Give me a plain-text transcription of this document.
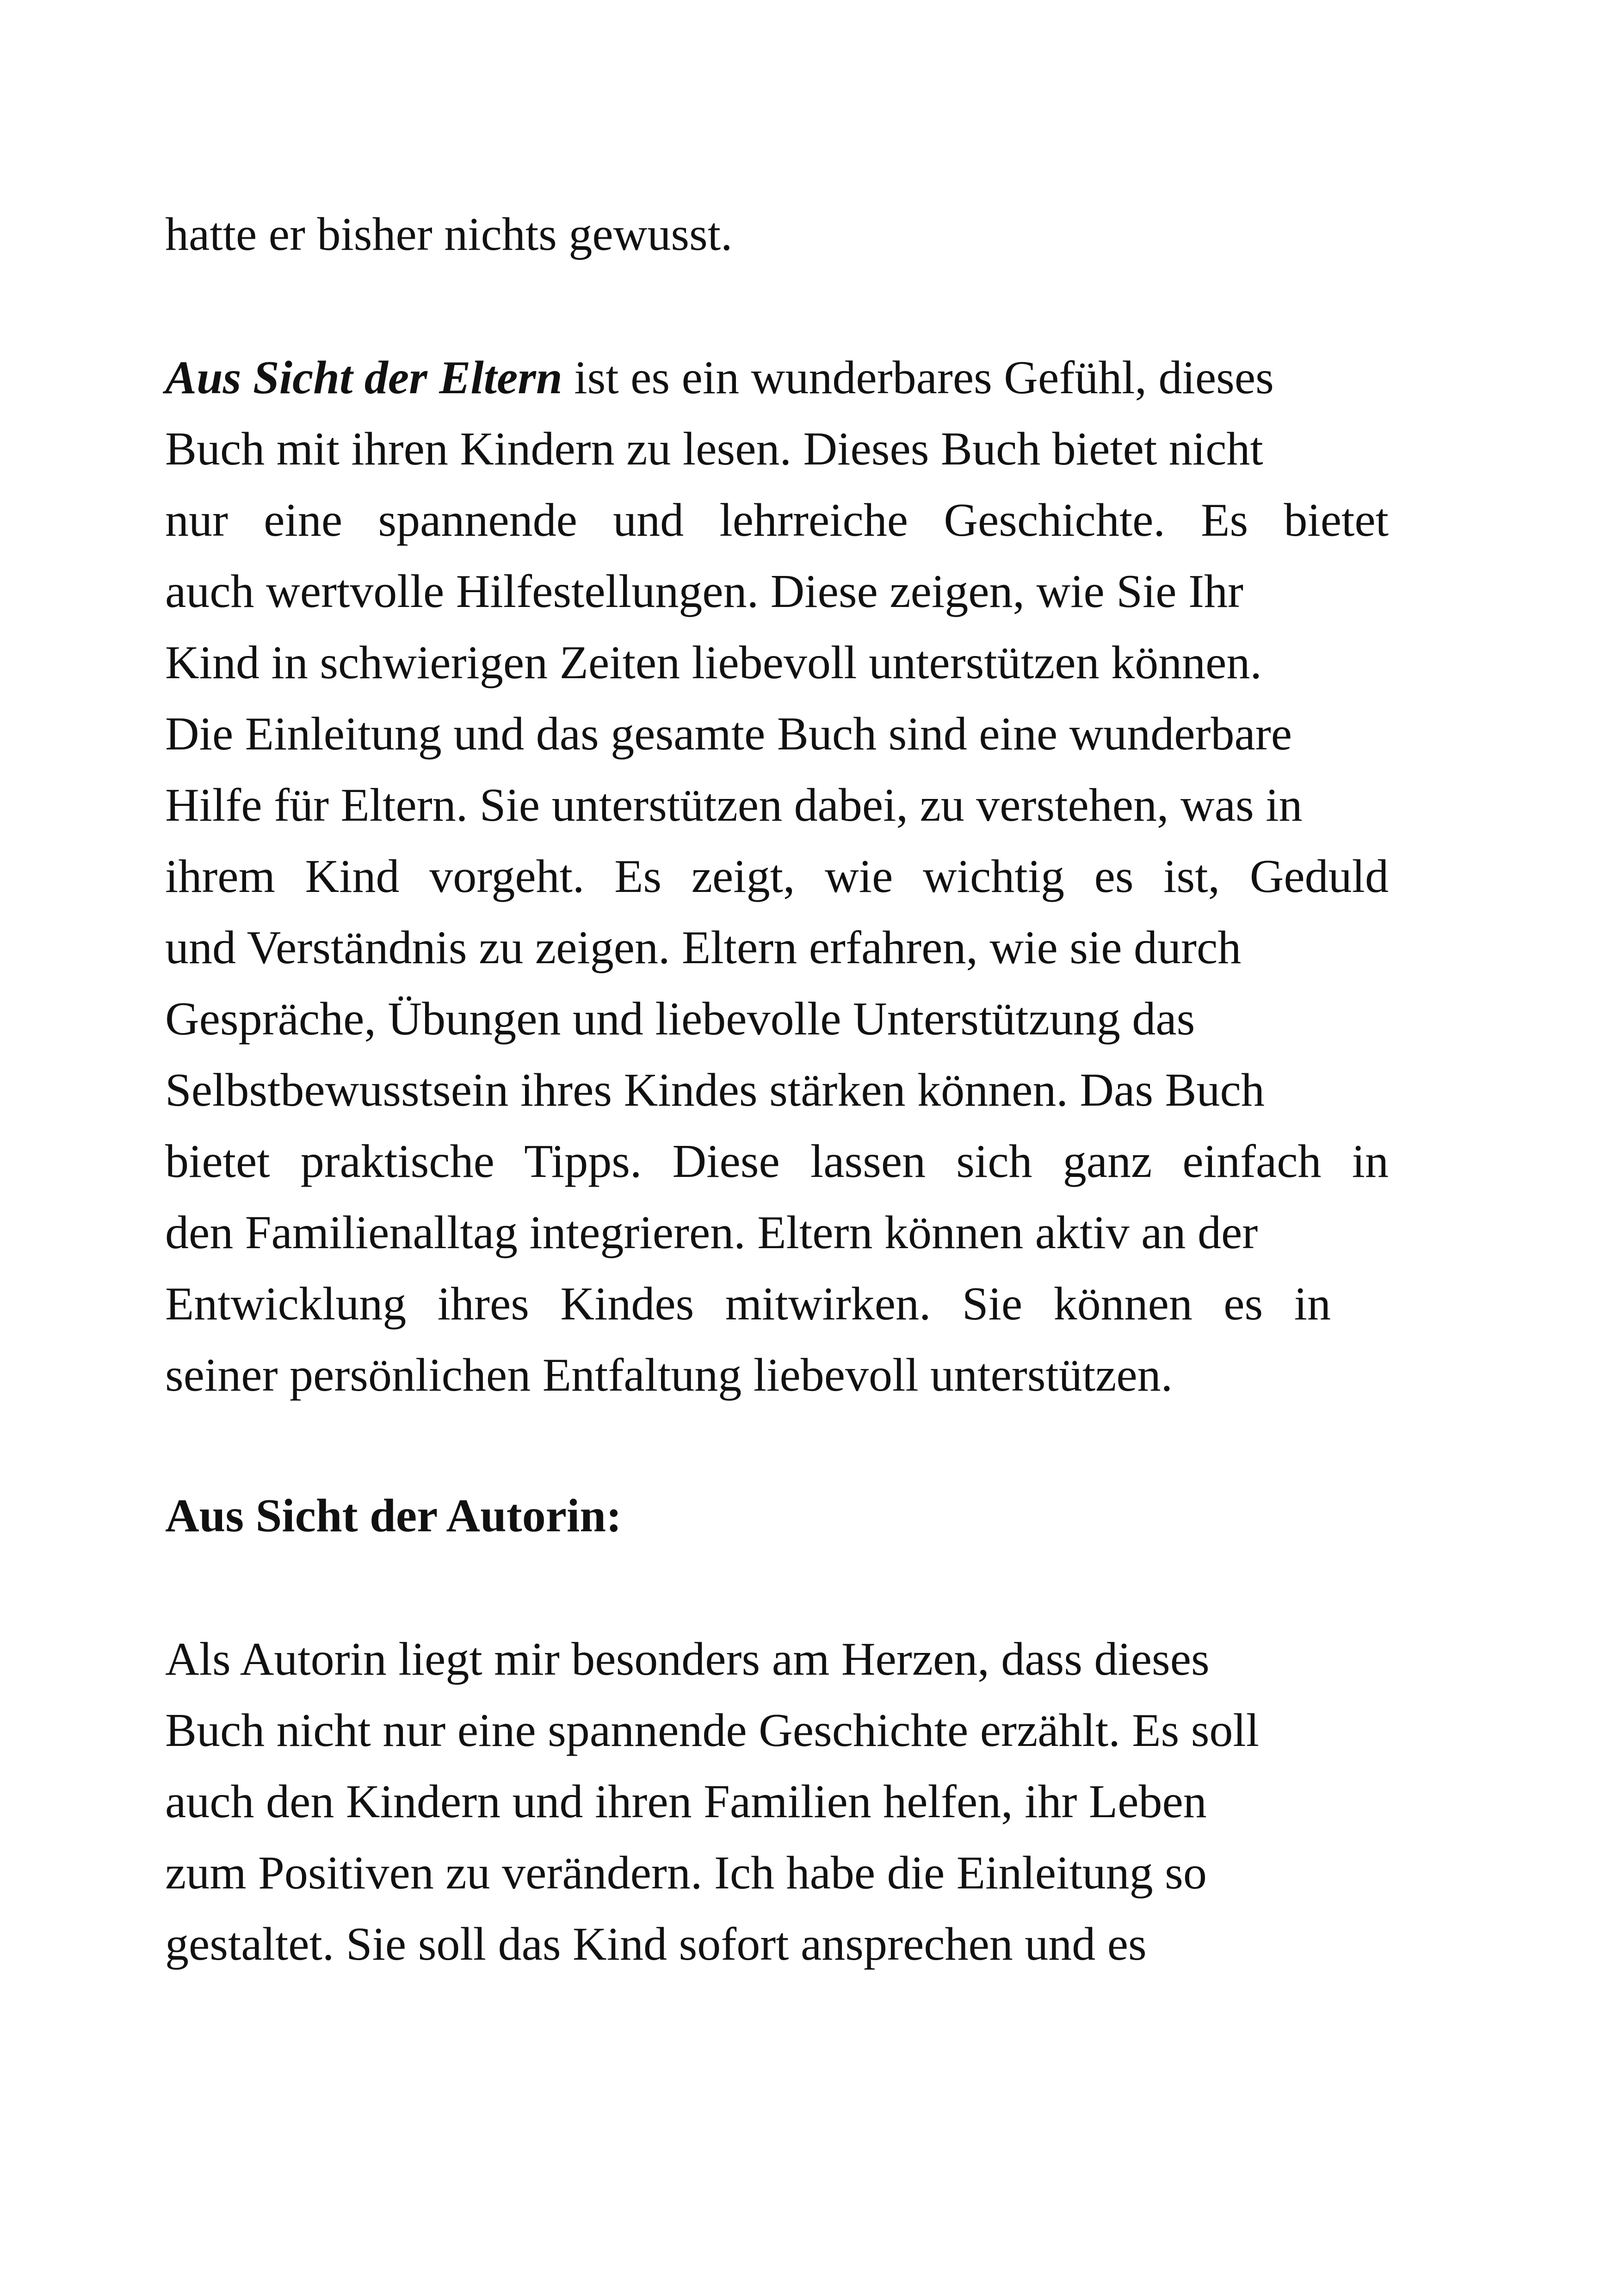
hatte er bisher nichts gewusst.
Aus Sicht der Eltern ist es ein wunderbares Gefühl, dieses
Buch mit ihren Kindern zu lesen. Dieses Buch bietet nicht
nur eine spannende und lehrreiche Geschichte. Es bietet
auch wertvolle Hilfestellungen. Diese zeigen, wie Sie Ihr
Kind in schwierigen Zeiten liebevoll unterstützen können.
Die Einleitung und das gesamte Buch sind eine wunderbare
Hilfe für Eltern. Sie unterstützen dabei, zu verstehen, was in
ihrem Kind vorgeht. Es zeigt, wie wichtig es ist, Geduld
und Verständnis zu zeigen. Eltern erfahren, wie sie durch
Gespräche, Übungen und liebevolle Unterstützung das
Selbstbewusstsein ihres Kindes stärken können. Das Buch
bietet praktische Tipps. Diese lassen sich ganz einfach in
den Familienalltag integrieren. Eltern können aktiv an der
Entwicklung ihres Kindes mitwirken. Sie können es in
seiner persönlichen Entfaltung liebevoll unterstützen.
Aus Sicht der Autorin:
Als Autorin liegt mir besonders am Herzen, dass dieses
Buch nicht nur eine spannende Geschichte erzählt. Es soll
auch den Kindern und ihren Familien helfen, ihr Leben
zum Positiven zu verändern. Ich habe die Einleitung so
gestaltet. Sie soll das Kind sofort ansprechen und es
